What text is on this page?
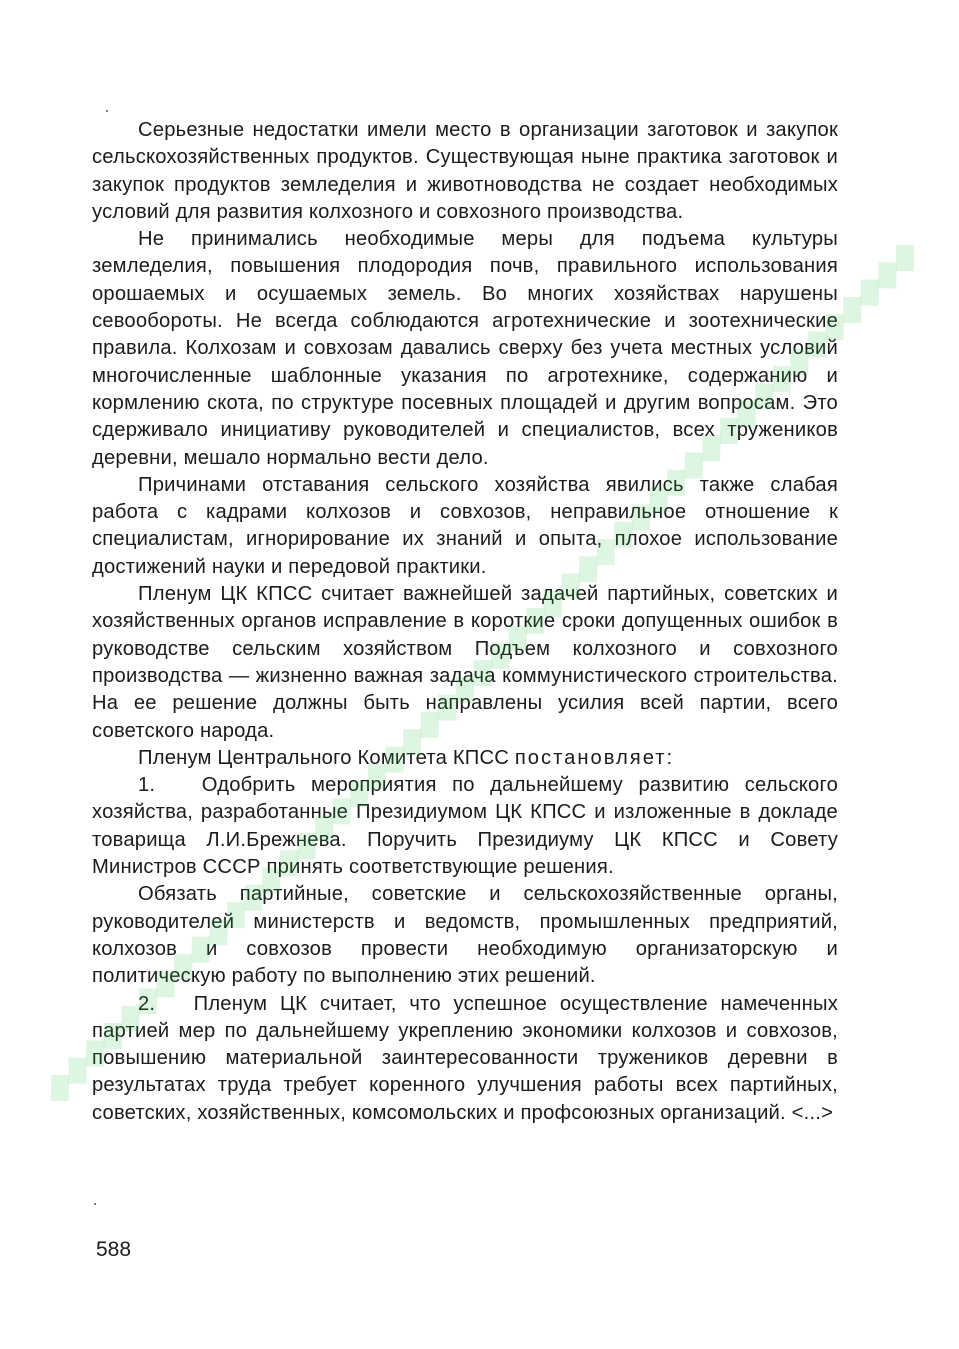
Серьезные недостатки имели место в организации заготовок и закупок сельскохозяйственных продуктов. Существующая ныне практика заготовок и закупок продуктов земледелия и животноводства не создает необходимых условий для развития колхозного и совхозного производства.

Не принимались необходимые меры для подъема культуры земледелия, повышения плодородия почв, правильного использования орошаемых и осушаемых земель. Во многих хозяйствах нарушены севообороты. Не всегда соблюдаются агротехнические и зоотехнические правила. Колхозам и совхозам давались сверху без учета местных условий многочисленные шаблонные указания по агротехнике, содержанию и кормлению скота, по структуре посевных площадей и другим вопросам. Это сдерживало инициативу руководителей и специалистов, всех тружеников деревни, мешало нормально вести дело.

Причинами отставания сельского хозяйства явились также слабая работа с кадрами колхозов и совхозов, неправильное отношение к специалистам, игнорирование их знаний и опыта, плохое использование достижений науки и передовой практики.

Пленум ЦК КПСС считает важнейшей задачей партийных, советских и хозяйственных органов исправление в короткие сроки допущенных ошибок в руководстве сельским хозяйством Подъем колхозного и совхозного производства — жизненно важная задача коммунистического строительства. На ее решение должны быть направлены усилия всей партии, всего советского народа.

Пленум Центрального Комитета КПСС постановляет:

1.   Одобрить мероприятия по дальнейшему развитию сельского хозяйства, разработанные Президиумом ЦК КПСС и изложенные в докладе товарища Л.И.Брежнева. Поручить Президиуму ЦК КПСС и Совету Министров СССР принять соответствующие решения.

Обязать партийные, советские и сельскохозяйственные органы, руководителей министерств и ведомств, промышленных предприятий, колхозов и совхозов провести необходимую организаторскую и политическую работу по выполнению этих решений.

2.   Пленум ЦК считает, что успешное осуществление намеченных партией мер по дальнейшему укреплению экономики колхозов и совхозов, повышению материальной заинтересованности тружеников деревни в результатах труда требует коренного улучшения работы всех партийных, советских, хозяйственных, комсомольских и профсоюзных организаций. <...>

588
